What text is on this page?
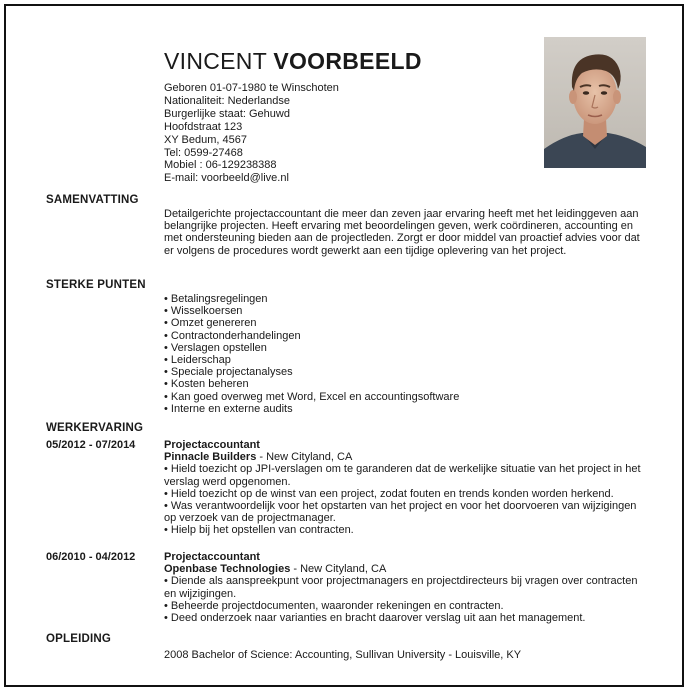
VINCENT VOORBEELD
Geboren 01-07-1980 te Winschoten
Nationaliteit: Nederlandse
Burgerlijke staat: Gehuwd
Hoofdstraat 123
XY Bedum, 4567
Tel: 0599-27468
Mobiel : 06-129238388
E-mail: voorbeeld@live.nl
SAMENVATTING
Detailgerichte projectaccountant die meer dan zeven jaar ervaring heeft met het leidinggeven aan belangrijke projecten. Heeft ervaring met beoordelingen geven, werk coördineren, accounting en met ondersteuning bieden aan de projectleden. Zorgt er door middel van proactief advies voor dat er volgens de procedures wordt gewerkt aan een tijdige oplevering van het project.
STERKE PUNTEN
• Betalingsregelingen
• Wisselkoersen
• Omzet genereren
• Contractonderhandelingen
• Verslagen opstellen
• Leiderschap
• Speciale projectanalyses
• Kosten beheren
• Kan goed overweg met Word, Excel en accountingsoftware
• Interne en externe audits
WERKERVARING
05/2012 - 07/2014	Projectaccountant
Pinnacle Builders - New Cityland, CA
• Hield toezicht op JPI-verslagen om te garanderen dat de werkelijke situatie van het project in het verslag werd opgenomen.
• Hield toezicht op de winst van een project, zodat fouten en trends konden worden herkend.
• Was verantwoordelijk voor het opstarten van het project en voor het doorvoeren van wijzigingen op verzoek van de projectmanager.
• Hielp bij het opstellen van contracten.
06/2010 - 04/2012	Projectaccountant
Openbase Technologies - New Cityland, CA
• Diende als aanspreekpunt voor projectmanagers en projectdirecteurs bij vragen over contracten en wijzigingen.
• Beheerde projectdocumenten, waaronder rekeningen en contracten.
• Deed onderzoek naar varianties en bracht daarover verslag uit aan het management.
OPLEIDING
2008 Bachelor of Science: Accounting, Sullivan University - Louisville, KY
